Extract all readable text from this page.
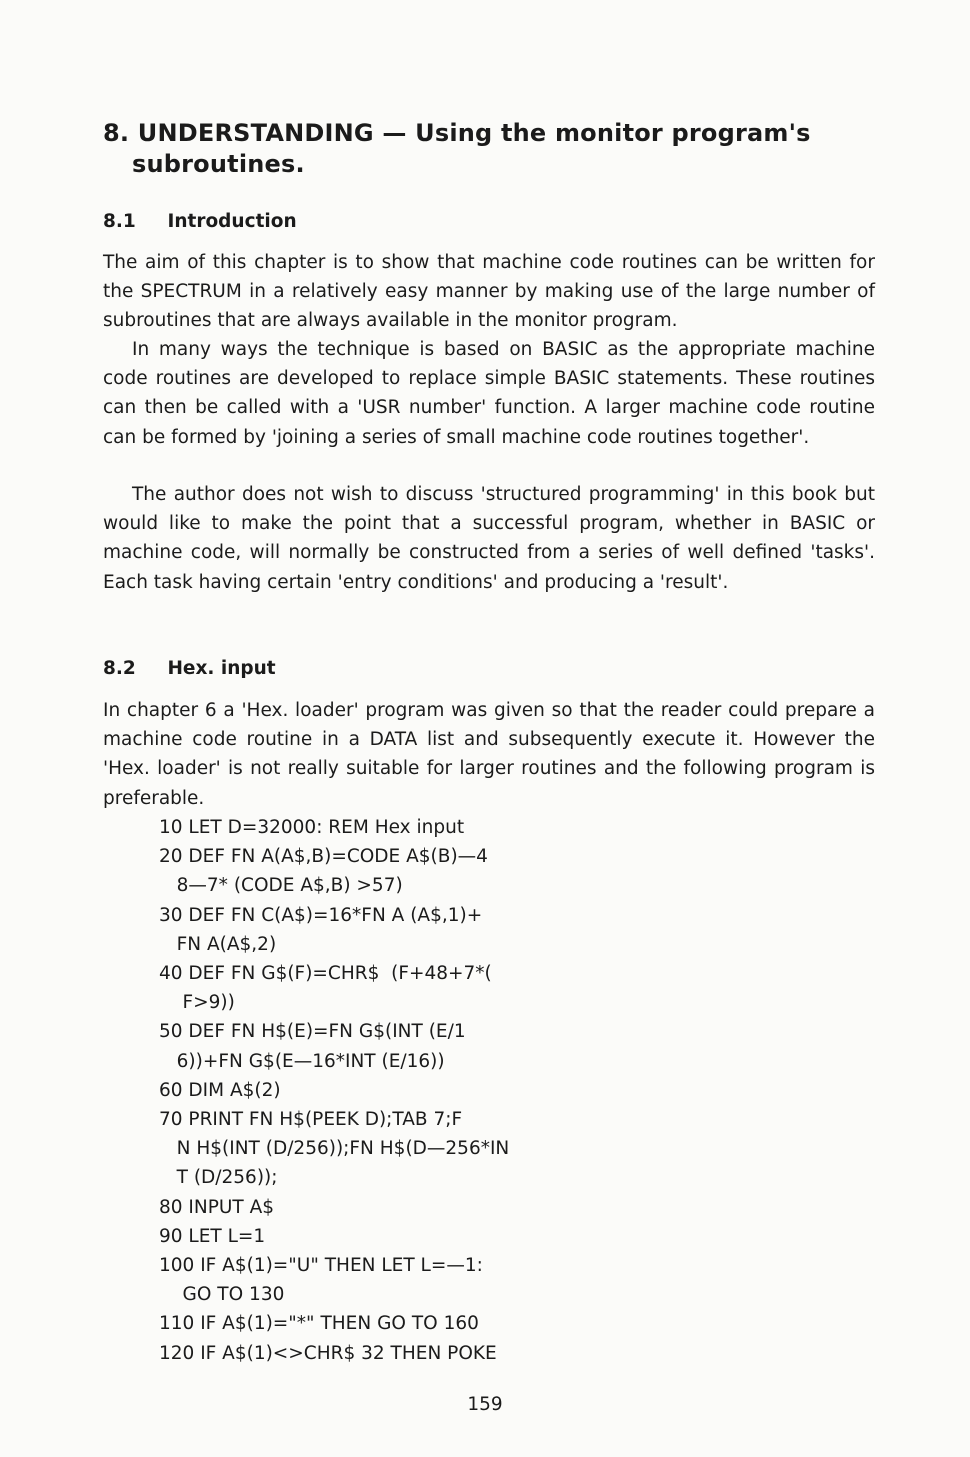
8. UNDERSTANDING — Using the monitor program's
subroutines.
8.1 Introduction

The aim of this chapter is to show that machine code routines can be written for the SPECTRUM in a relatively easy manner by making use of the large number of subroutines that are always available in the monitor program.

In many ways the technique is based on BASIC as the appropriate machine code routines are developed to replace simple BASIC statements. These routines can then be called with a 'USR number' function. A larger machine code routine can be formed by 'joining a series of small machine code routines together'.

The author does not wish to discuss 'structured programming' in this book but would like to make the point that a successful program, whether in BASIC or machine code, will normally be constructed from a series of well defined 'tasks'. Each task having certain 'entry conditions' and producing a 'result'.

8.2 Hex. input

In chapter 6 a 'Hex. loader' program was given so that the reader could prepare a machine code routine in a DATA list and subsequently execute it. However the 'Hex. loader' is not really suitable for larger routines and the following program is preferable.

10 LET D=32000: REM Hex input
20 DEF FN A(A$,B)=CODE A$(B)—4
8—7* (CODE A$,B) >57)
30 DEF FN C(A$)=16*FN A (A$,1)+
FN A(A$,2)
40 DEF FN G$(F)=CHR$  (F+48+7*(
F>9))
50 DEF FN H$(E)=FN G$(INT (E/1
6))+FN G$(E—16*INT (E/16))
60 DIM A$(2)
70 PRINT FN H$(PEEK D);TAB 7;F
N H$(INT (D/256));FN H$(D—256*IN
T (D/256));
80 INPUT A$
90 LET L=1
100 IF A$(1)="U" THEN LET L=—1:
GO TO 130
110 IF A$(1)="*" THEN GO TO 160
120 IF A$(1)<>CHR$ 32 THEN POKE
159
